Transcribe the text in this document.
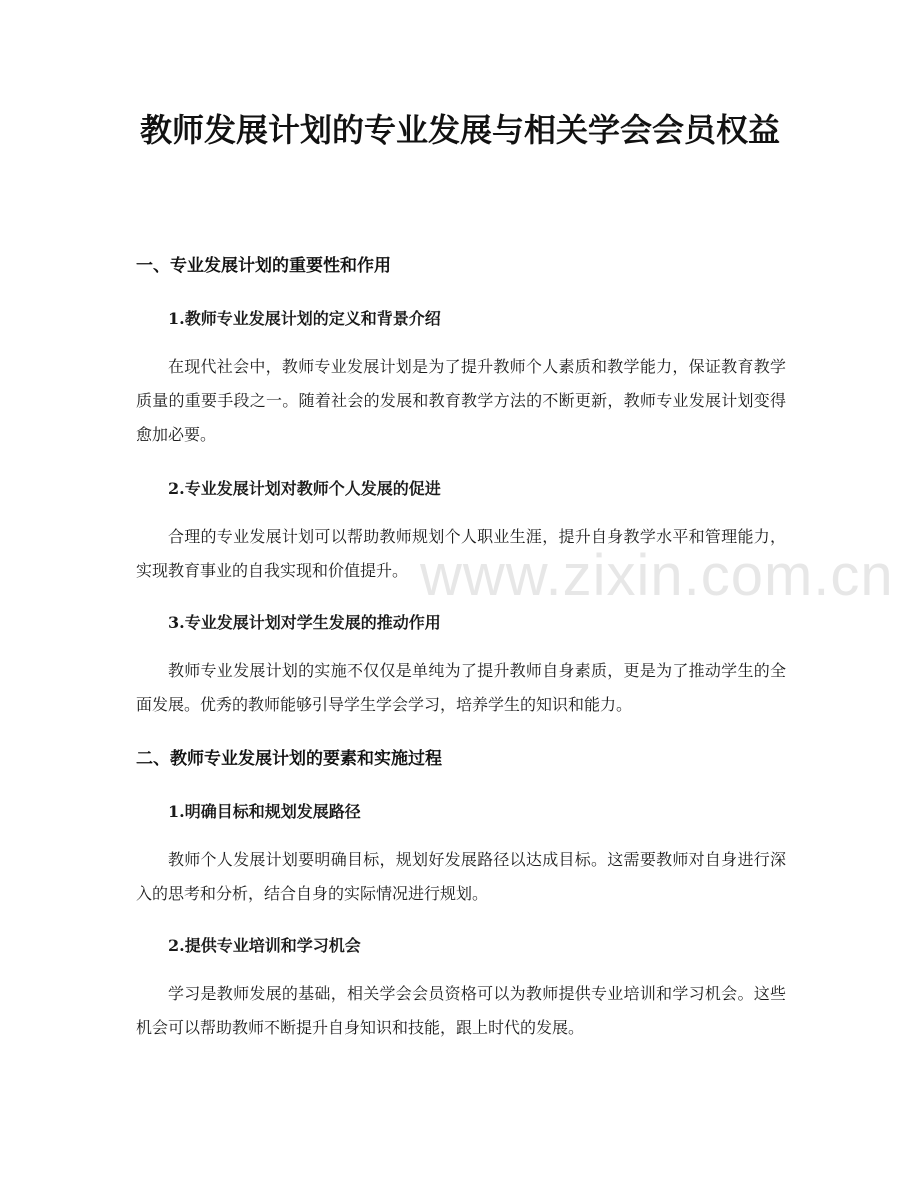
教师发展计划的专业发展与相关学会会员权益
一、专业发展计划的重要性和作用
1.教师专业发展计划的定义和背景介绍

在现代社会中，教师专业发展计划是为了提升教师个人素质和教学能力，保证教育教学质量的重要手段之一。随着社会的发展和教育教学方法的不断更新，教师专业发展计划变得愈加必要。

2.专业发展计划对教师个人发展的促进

合理的专业发展计划可以帮助教师规划个人职业生涯，提升自身教学水平和管理能力，实现教育事业的自我实现和价值提升。

3.专业发展计划对学生发展的推动作用

教师专业发展计划的实施不仅仅是单纯为了提升教师自身素质，更是为了推动学生的全面发展。优秀的教师能够引导学生学会学习，培养学生的知识和能力。

二、教师专业发展计划的要素和实施过程
1.明确目标和规划发展路径

教师个人发展计划要明确目标，规划好发展路径以达成目标。这需要教师对自身进行深入的思考和分析，结合自身的实际情况进行规划。

2.提供专业培训和学习机会

学习是教师发展的基础，相关学会会员资格可以为教师提供专业培训和学习机会。这些机会可以帮助教师不断提升自身知识和技能，跟上时代的发展。

www.zixin.com.cn
